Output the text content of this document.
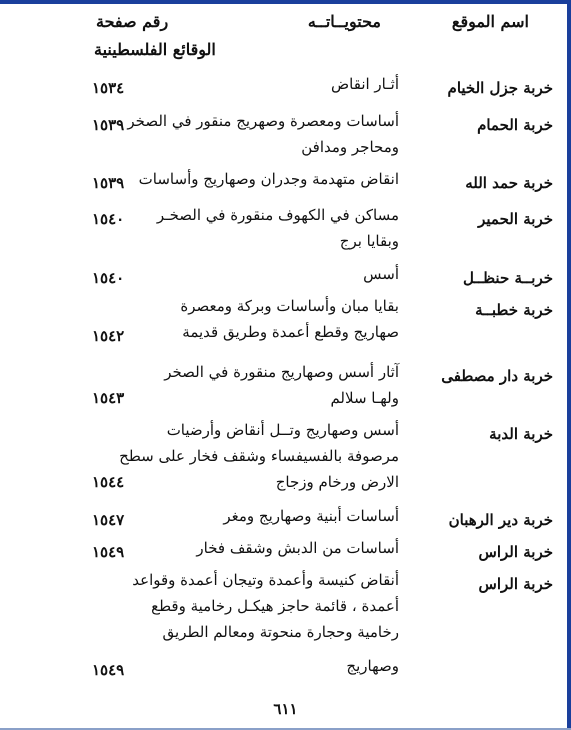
اسم الموقع
محتويــاتــه
رقم صفحة
الوقائع الفلسطينية
خربة جزل الخيام
أثـار انقاض
١٥٣٤
خربة الحمام
أساسات ومعصرة وصهريج منقور في الصخر
ومحاجر ومدافن
١٥٣٩
خربة حمد الله
انقاض متهدمة وجدران وصهاريج وأساسات
١٥٣٩
خربة الحمير
مساكن في الكهوف منقورة في الصخـر
وبقايا برج
١٥٤٠
خربــة حنظــل
أسس
١٥٤٠
خربة خطبــة
بقايا مبان وأساسات وبركة ومعصرة
صهاريج وقطع أعمدة وطريق قديمة
١٥٤٢
خربة دار مصطفى
آثار أسس وصهاريج منقورة في الصخر
ولهـا سلالم
١٥٤٣
خربة الدبة
أسس وصهاريج وتــل أنقاض وأرضيات
مرصوفة بالفسيفساء وشقف فخار على سطح
الارض ورخام وزجاج
١٥٤٤
خربة دير الرهبان
أساسات أبنية وصهاريج ومغر
١٥٤٧
خربة الراس
أساسات من الدبش وشقف فخار
١٥٤٩
خربة الراس
أنقاض كنيسة وأعمدة وتيجان أعمدة وقواعد
أعمدة ، قائمة حاجز هيكـل رخامية وقطع
رخامية وحجارة منحوتة ومعالم الطريق
وصهاريج
١٥٤٩
٦١١
